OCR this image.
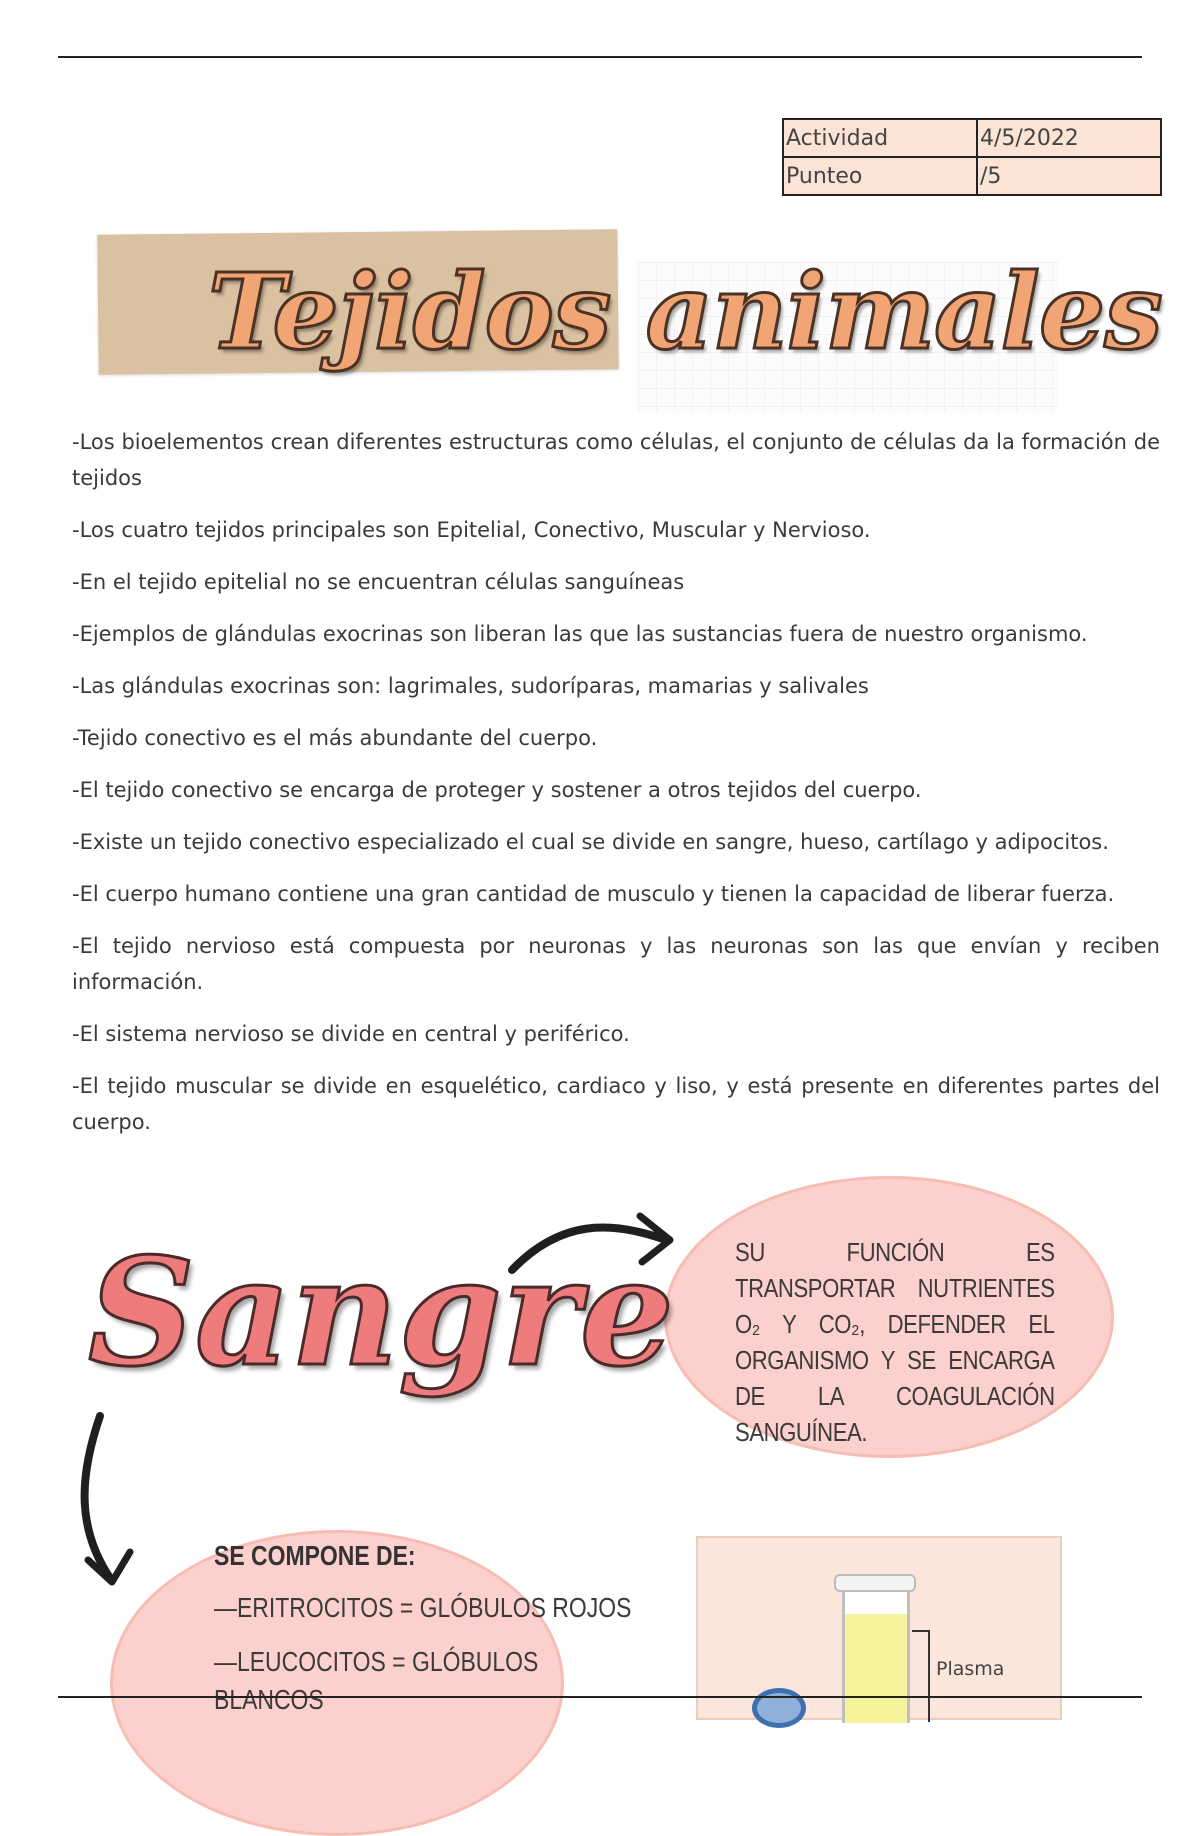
Actividad	4/5/2022
Punteo	/5
Tejidos animales

-Los bioelementos crean diferentes estructuras como células, el conjunto de células da la formación de tejidos

-Los cuatro tejidos principales son Epitelial, Conectivo, Muscular y Nervioso.

-En el tejido epitelial no se encuentran células sanguíneas

-Ejemplos de glándulas exocrinas son liberan las que las sustancias fuera de nuestro organismo.

-Las glándulas exocrinas son: lagrimales, sudoríparas, mamarias y salivales

-Tejido conectivo es el más abundante del cuerpo.

-El tejido conectivo se encarga de proteger y sostener a otros tejidos del cuerpo.

-Existe un tejido conectivo especializado el cual se divide en sangre, hueso, cartílago y adipocitos.

-El cuerpo humano contiene una gran cantidad de musculo y tienen la capacidad de liberar fuerza.

-El tejido nervioso está compuesta por neuronas y las neuronas son las que envían y reciben información.

-El sistema nervioso se divide en central y periférico.

-El tejido muscular se divide en esquelético, cardiaco y liso, y está presente en diferentes partes del cuerpo.

SU FUNCIÓN ES TRANSPORTAR NUTRIENTES O₂ Y CO₂, DEFENDER EL ORGANISMO Y SE ENCARGA DE LA COAGULACIÓN SANGUÍNEA.
Sangre
SE COMPONE DE:
—ERITROCITOS = GLÓBULOS ROJOS
—LEUCOCITOS = GLÓBULOS
BLANCOS
Plasma
